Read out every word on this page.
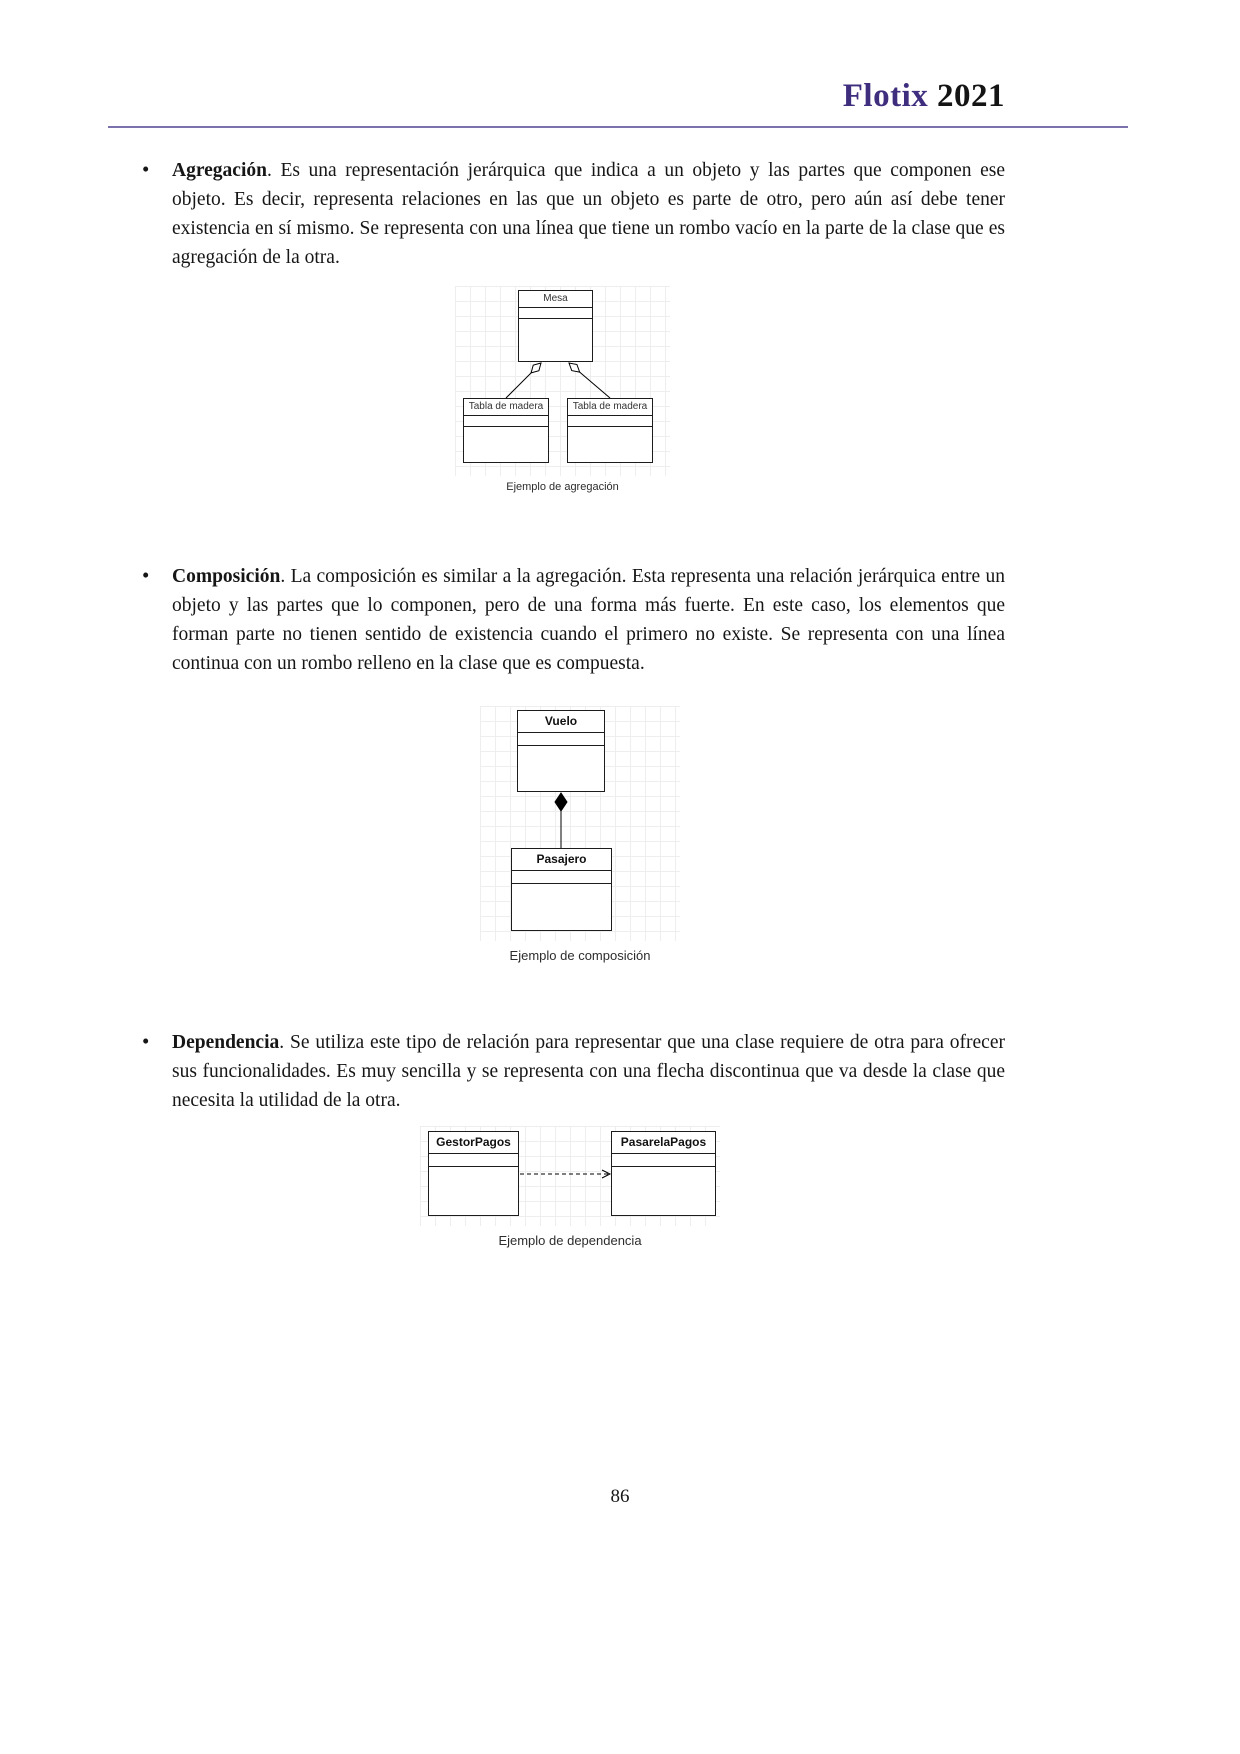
Flotix 2021
• Agregación. Es una representación jerárquica que indica a un objeto y las partes que componen ese objeto. Es decir, representa relaciones en las que un objeto es parte de otro, pero aún así debe tener existencia en sí mismo. Se representa con una línea que tiene un rombo vacío en la parte de la clase que es agregación de la otra.
Mesa
Tabla de madera	Tabla de madera
Ejemplo de agregación
• Composición. La composición es similar a la agregación. Esta representa una relación jerárquica entre un objeto y las partes que lo componen, pero de una forma más fuerte. En este caso, los elementos que forman parte no tienen sentido de existencia cuando el primero no existe. Se representa con una línea continua con un rombo relleno en la clase que es compuesta.
Vuelo
Pasajero
Ejemplo de composición
• Dependencia. Se utiliza este tipo de relación para representar que una clase requiere de otra para ofrecer sus funcionalidades. Es muy sencilla y se representa con una flecha discontinua que va desde la clase que necesita la utilidad de la otra.
GestorPagos	PasarelaPagos
Ejemplo de dependencia
86
